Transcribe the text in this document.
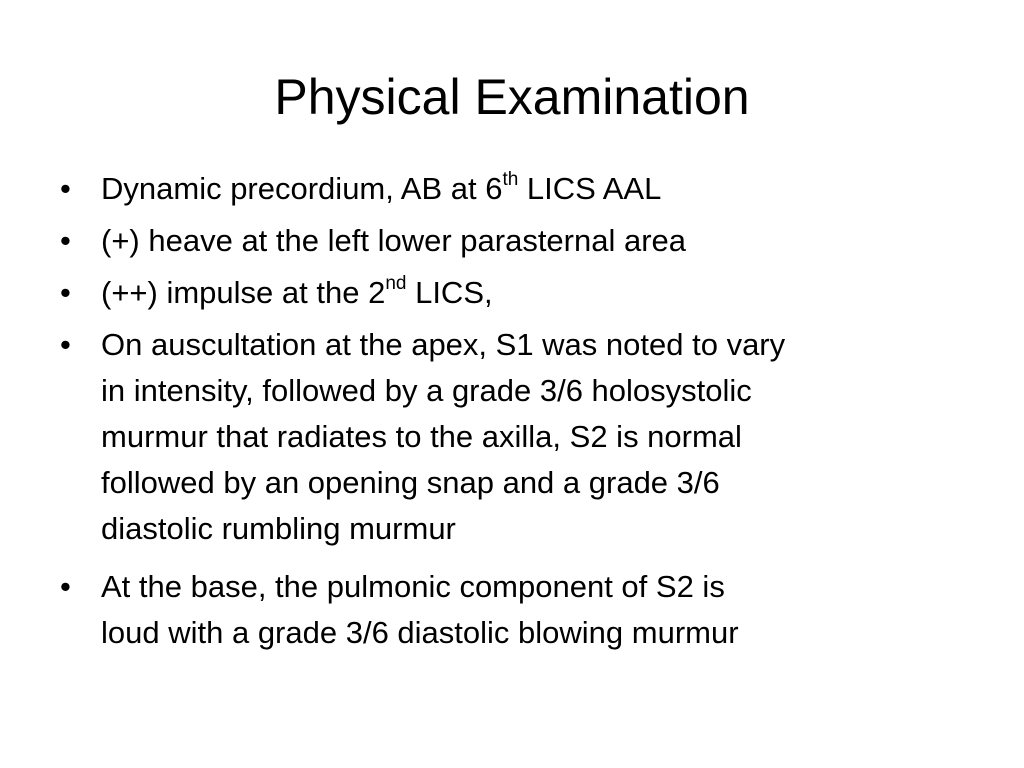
Physical Examination
• Dynamic precordium, AB at 6th LICS AAL
• (+) heave at the left lower parasternal area
• (++) impulse at the 2nd LICS,
• On auscultation at the apex, S1 was noted to vary
in intensity, followed by a grade 3/6 holosystolic
murmur that radiates to the axilla, S2 is normal
followed by an opening snap and a grade 3/6
diastolic rumbling murmur
• At the base, the pulmonic component of S2 is
loud with a grade 3/6 diastolic blowing murmur
